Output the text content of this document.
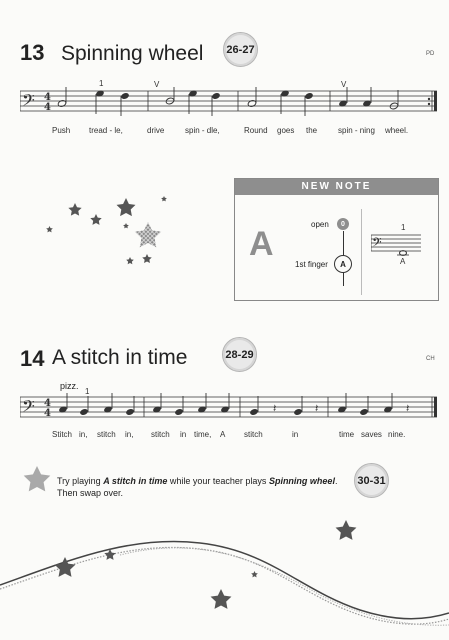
13 Spinning wheel	26-27	PD
1	V	V
𝄢 4
4
Push tread - le,	drive	spin - dle,	Round goes the	spin - ning wheel.
NEW NOTE
A
open	0
1st finger	A
1
𝄢
A
14 A stitch in time	28-29	CH
pizz.
1
𝄢 4
4	𝄽	𝄽	𝄽
Stitch in, stitch in, stitch in time, A stitch	in	time saves nine.
Try playing A stitch in time while your teacher plays Spinning wheel.
Then swap over.
30-31
